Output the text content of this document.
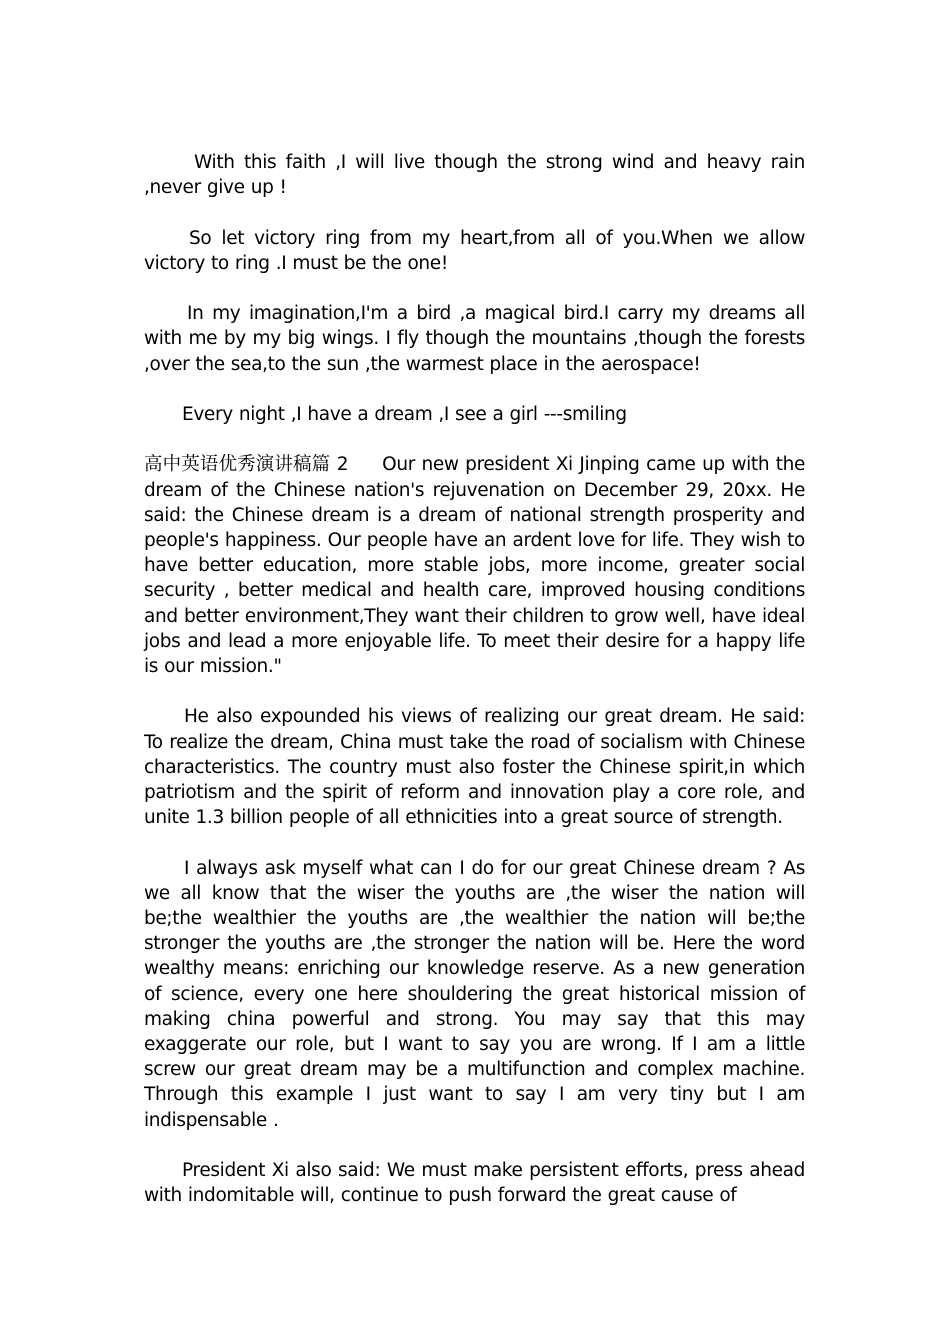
With this faith ,I will live though the strong wind and heavy rain ,never give up !

So let victory ring from my heart,from all of you.When we allow victory to ring .I must be the one!

In my imagination,I'm a bird ,a magical bird.I carry my dreams all with me by my big wings. I fly though the mountains ,though the forests ,over the sea,to the sun ,the warmest place in the aerospace!

Every night ,I have a dream ,I see a girl ---smiling

高中英语优秀演讲稿篇 2 Our new president Xi Jinping came up with the dream of the Chinese nation's rejuvenation on December 29, 20xx. He said: the Chinese dream is a dream of national strength prosperity and people's happiness. Our people have an ardent love for life. They wish to have better education, more stable jobs, more income, greater social security , better medical and health care, improved housing conditions and better environment,They want their children to grow well, have ideal jobs and lead a more enjoyable life. To meet their desire for a happy life is our mission."

He also expounded his views of realizing our great dream. He said: To realize the dream, China must take the road of socialism with Chinese characteristics. The country must also foster the Chinese spirit,in which patriotism and the spirit of reform and innovation play a core role, and unite 1.3 billion people of all ethnicities into a great source of strength.

I always ask myself what can I do for our great Chinese dream ? As we all know that the wiser the youths are ,the wiser the nation will be;the wealthier the youths are ,the wealthier the nation will be;the stronger the youths are ,the stronger the nation will be. Here the word wealthy means: enriching our knowledge reserve. As a new generation of science, every one here shouldering the great historical mission of making china powerful and strong. You may say that this may exaggerate our role, but I want to say you are wrong. If I am a little screw our great dream may be a multifunction and complex machine. Through this example I just want to say I am very tiny but I am indispensable .

President Xi also said: We must make persistent efforts, press ahead with indomitable will, continue to push forward the great cause of
